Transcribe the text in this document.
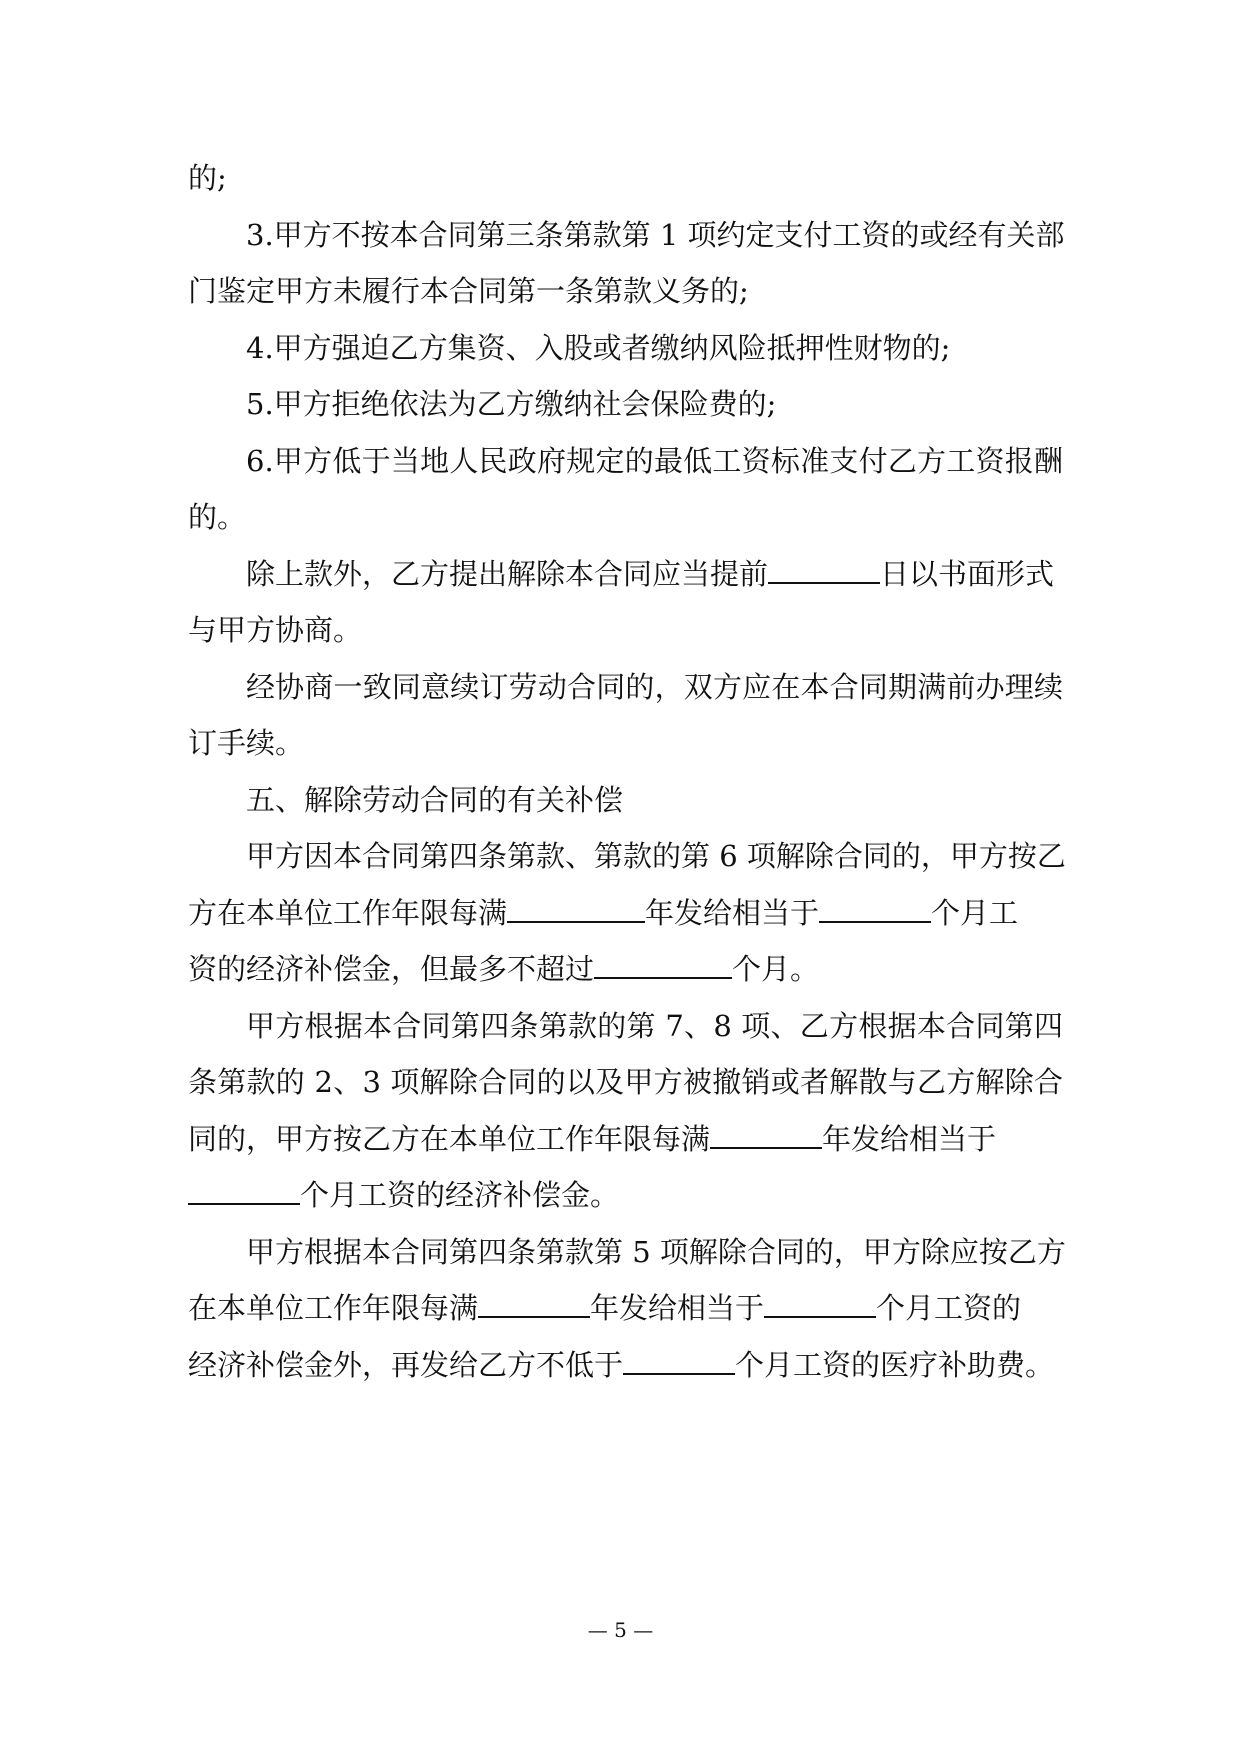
的;
3.甲方不按本合同第三条第款第 1 项约定支付工资的或经有关部
门鉴定甲方未履行本合同第一条第款义务的;
4.甲方强迫乙方集资、入股或者缴纳风险抵押性财物的;
5.甲方拒绝依法为乙方缴纳社会保险费的;
6.甲方低于当地人民政府规定的最低工资标准支付乙方工资报酬
的。
除上款外，乙方提出解除本合同应当提前	日以书面形式
与甲方协商。
经协商一致同意续订劳动合同的，双方应在本合同期满前办理续
订手续。
五、解除劳动合同的有关补偿
甲方因本合同第四条第款、第款的第 6 项解除合同的，甲方按乙
方在本单位工作年限每满	年发给相当于	个月工
资的经济补偿金，但最多不超过	个月。
甲方根据本合同第四条第款的第 7、8 项、乙方根据本合同第四
条第款的 2、3 项解除合同的以及甲方被撤销或者解散与乙方解除合
同的，甲方按乙方在本单位工作年限每满	年发给相当于
个月工资的经济补偿金。
甲方根据本合同第四条第款第 5 项解除合同的，甲方除应按乙方
在本单位工作年限每满	年发给相当于	个月工资的
经济补偿金外，再发给乙方不低于	个月工资的医疗补助费。
— 5 —
